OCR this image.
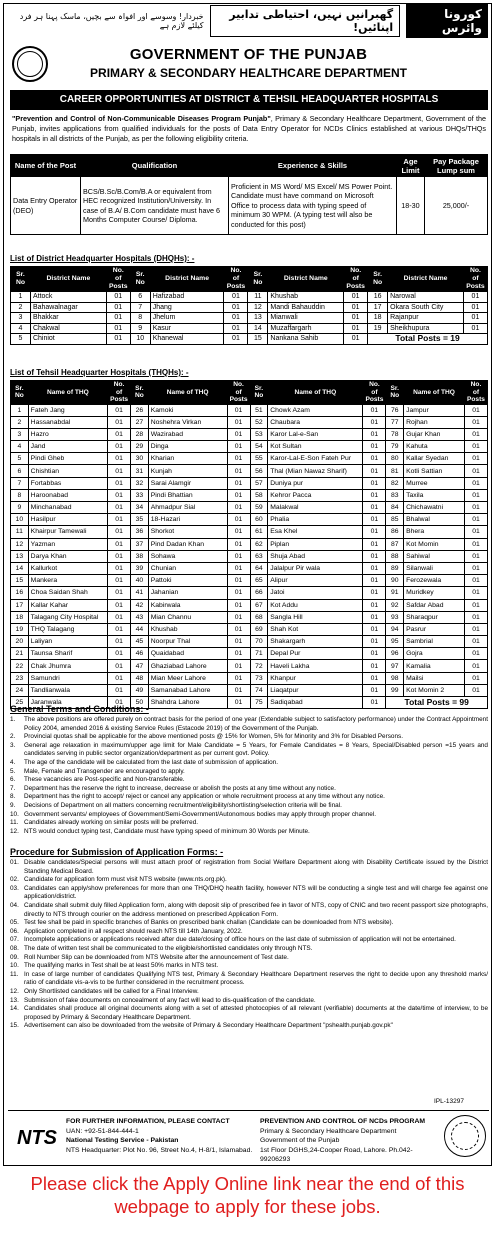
خبردار! وسوسے اور افواہ سے بچیں، ماسک پہنا ہر فرد کیلئے لازم ہے
گھبرانیں نہیں، احتیاطی تدابیر اپنائیں!
کورونا وائرس
GOVERNMENT OF THE PUNJAB
PRIMARY & SECONDARY HEALTHCARE DEPARTMENT
CAREER OPPORTUNITIES AT DISTRICT & TEHSIL HEADQUARTER HOSPITALS
"Prevention and Control of Non-Communicable Diseases Program Punjab", Primary & Secondary Healthcare Department, Government of the Punjab, invites applications from qualified individuals for the posts of Data Entry Operator for NCDs Clinics established at various DHQs/THQs hospitals in all districts of the Punjab, as per the following eligibility criteria.
Name of the Post	Qualification	Experience & Skills	Age Limit	Pay Package Lump sum
Data Entry Operator (DEO)	BCS/B.Sc/B.Com/B.A or equivalent from HEC recognized Institution/University. In case of B.A/ B.Com candidate must have 6 Months Computer Course/ Diploma.	Proficient in MS Word/ MS Excel/ MS Power Point. Candidate must have command on Microsoft Office to process data with typing speed of minimum 30 WPM. (A typing test will also be conducted for this post)	18-30	25,000/-
List of District Headquarter Hospitals (DHQHs): -
Sr. No	District Name	No. of Posts	Sr. No	District Name	No. of Posts	Sr. No	District Name	No. of Posts	Sr. No	District Name	No. of Posts
1	Attock	01	6	Hafizabad	01	11	Khushab	01	16	Narowal	01
2	Bahawalnagar	01	7	Jhang	01	12	Mandi Bahauddin	01	17	Okara South City	01
3	Bhakkar	01	8	Jhelum	01	13	Mianwali	01	18	Rajanpur	01
4	Chakwal	01	9	Kasur	01	14	Muzaffargarh	01	19	Sheikhupura	01
5	Chiniot	01	10	Khanewal	01	15	Nankana Sahib	01	Total Posts = 19		
List of Tehsil Headquarter Hospitals (THQHs): -
Sr. No	Name of THQ	No. of Posts	Sr. No	Name of THQ	No. of Posts	Sr. No	Name of THQ	No. of Posts	Sr. No	Name of THQ	No. of Posts
1	Fateh Jang	01	26	Kamoki	01	51	Chowk Azam	01	76	Jampur	01
2	Hassanabdal	01	27	Noshehra Virkan	01	52	Chaubara	01	77	Rojhan	01
3	Hazro	01	28	Wazirabad	01	53	Karor Lal-e-San	01	78	Gujar Khan	01
4	Jand	01	29	Dinga	01	54	Kot Sultan	01	79	Kahuta	01
5	Pindi Gheb	01	30	Kharian	01	55	Karor-Lal-E-Son Fateh Pur	01	80	Kallar Syedan	01
6	Chishtian	01	31	Kunjah	01	56	Thal (Mian Nawaz Sharif)	01	81	Kotli Sattian	01
7	Fortabbas	01	32	Sarai Alamgir	01	57	Duniya pur	01	82	Murree	01
8	Haroonabad	01	33	Pindi Bhattian	01	58	Kehror Pacca	01	83	Taxila	01
9	Minchanabad	01	34	Ahmadpur Sial	01	59	Malakwal	01	84	Chichawatni	01
10	Hasilpur	01	35	18-Hazari	01	60	Phalia	01	85	Bhalwal	01
11	Khairpur Tamewali	01	36	Shorkot	01	61	Esa Khel	01	86	Bhera	01
12	Yazman	01	37	Pind Dadan Khan	01	62	Piplan	01	87	Kot Momin	01
13	Darya Khan	01	38	Sohawa	01	63	Shuja Abad	01	88	Sahiwal	01
14	Kallurkot	01	39	Chunian	01	64	Jalalpur Pir wala	01	89	Silanwali	01
15	Mankera	01	40	Pattoki	01	65	Alipur	01	90	Ferozewala	01
16	Choa Saidan Shah	01	41	Jahanian	01	66	Jatoi	01	91	Muridkey	01
17	Kallar Kahar	01	42	Kabirwala	01	67	Kot Addu	01	92	Safdar Abad	01
18	Talagang City Hospital	01	43	Mian Channu	01	68	Sangla Hill	01	93	Sharaqpur	01
19	THQ Talagang	01	44	Khushab	01	69	Shah Kot	01	94	Pasrur	01
20	Laliyan	01	45	Noorpur Thal	01	70	Shakargarh	01	95	Sambrial	01
21	Taunsa Sharif	01	46	Quaidabad	01	71	Depal Pur	01	96	Gojra	01
22	Chak Jhumra	01	47	Ghaziabad Lahore	01	72	Haveli Lakha	01	97	Kamalia	01
23	Samundri	01	48	Mian Meer Lahore	01	73	Khanpur	01	98	Mailsi	01
24	Tandlianwala	01	49	Samanabad Lahore	01	74	Liaqatpur	01	99	Kot Momin 2	01
25	Jaranwala	01	50	Shahdra Lahore	01	75	Sadiqabad	01	Total Posts = 99		
General Terms and Conditions: -
1.	The above positions are offered purely on contract basis for the period of one year (Extendable subject to satisfactory performance) under the Contract Appointment Policy 2004, amended 2016 & existing Service Rules (Estacode 2019) of the Government of the Punjab.
2.	Provincial quotas shall be applicable for the above mentioned posts @ 15% for Women, 5% for Minority and 3% for Disabled Persons.
3.	General age relaxation in maximum/upper age limit for Male Candidate = 5 Years, for Female Candidates = 8 Years, Special/Disabled person =15 years and candidates serving in public sector organization/department as per current govt. Policy.
4.	The age of the candidate will be calculated from the last date of submission of application.
5.	Male, Female and Transgender are encouraged to apply.
6.	These vacancies are Post-specific and Non-transferable.
7.	Department has the reserve the right to increase, decrease or abolish the posts at any time without any notice.
8.	Department has the right to accept/ reject or cancel any application or whole recruitment process at any time without any notice.
9.	Decisions of Department on all matters concerning recruitment/eligibility/shortlisting/selection criteria will be final.
10. Government servants/ employees of Government/Semi-Government/Autonomous bodies may apply through proper channel.
11. Candidates already working on similar posts will be preferred.
12. NTS would conduct typing test, Candidate must have typing speed of minimum 30 Words per Minute.
Procedure for Submission of Application Forms: -
01. Disable candidates/Special persons will must attach proof of registration from Social Welfare Department along with Disability Certificate issued by the District Standing Medical Board.
02. Candidate for application form must visit NTS website (www.nts.org.pk).
03. Candidates can apply/show preferences for more than one THQ/DHQ health facility, however NTS will be conducting a single test and will charge fee against one application/district.
04. Candidate shall submit duly filled Application form, along with deposit slip of prescribed fee in favor of NTS, copy of CNIC and two recent passport size photographs, directly to NTS through courier on the address mentioned on prescribed Application Form.
05. Test fee shall be paid in specific branches of Banks on prescribed bank challan (Candidate can be downloaded from NTS website).
06. Application completed in all respect should reach NTS till 14th January, 2022.
07. Incomplete applications or applications received after due date/closing of office hours on the last date of submission of application will not be entertained.
08. The date of written test shall be communicated to the eligible/shortlisted candidates only through NTS.
09. Roll Number Slip can be downloaded from NTS Website after the announcement of Test date.
10. The qualifying marks in Test shall be at least 50% marks in NTS test.
11. In case of large number of candidates Qualifying NTS test, Primary & Secondary Healthcare Department reserves the right to decide upon any threshold marks/ ratio of candidate vis-a-vis to be further considered in the recruitment process.
12. Only Shortlisted candidates will be called for a Final Interview.
13. Submission of fake documents on concealment of any fact will lead to dis-qualification of the candidate.
14. Candidates shall produce all original documents along with a set of attested photocopies of all relevant (verifiable) documents at the date/time of interview, to be proposed by Primary & Secondary Healthcare Department.
15. Advertisement can also be downloaded from the website of Primary & Secondary Healthcare Department "pshealth.punjab.gov.pk"
IPL-13297
NTS
FOR FURTHER INFORMATION, PLEASE CONTACT
UAN: +92-51-844-444-1
National Testing Service - Pakistan
NTS Headquarter: Plot No. 96, Street No.4, H-8/1, Islamabad.
PREVENTION AND CONTROL OF NCDs PROGRAM
Primary & Secondary Healthcare Department
Government of the Punjab
1st Floor DGHS,24-Cooper Road, Lahore. Ph.042-99206293
Please click the Apply Online link near the end of this webpage to apply for these jobs.
